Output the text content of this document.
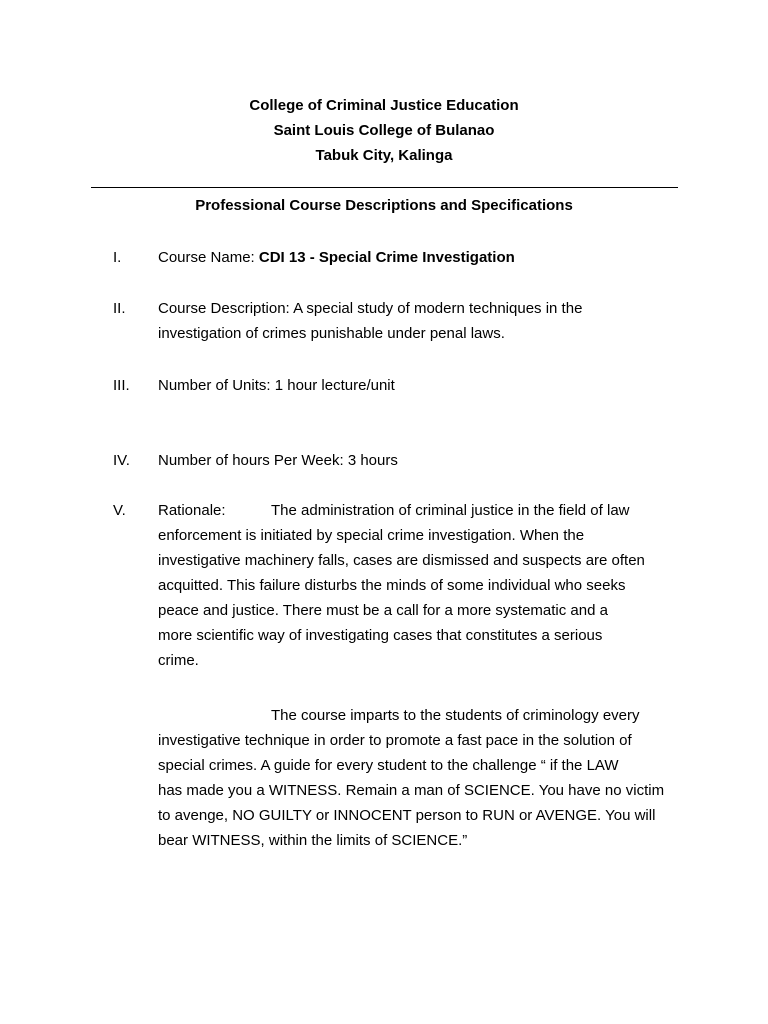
College of Criminal Justice Education
Saint Louis College of Bulanao
Tabuk City, Kalinga
Professional Course Descriptions and Specifications
I.	Course Name: CDI 13 - Special Crime Investigation
II.	Course Description: A special study of modern techniques in the
investigation of crimes punishable under penal laws.
III.	Number of Units: 1 hour lecture/unit
IV.	Number of hours Per Week: 3 hours
V.	Rationale:	The administration of criminal justice in the field of law
enforcement is initiated by special crime investigation. When the
investigative machinery falls, cases are dismissed and suspects are often
acquitted. This failure disturbs the minds of some individual who seeks
peace and justice. There must be a call for a more systematic and a
more scientific way of investigating cases that constitutes a serious
crime.
The course imparts to the students of criminology every
investigative technique in order to promote a fast pace in the solution of
special crimes. A guide for every student to the challenge “ if the LAW
has made you a WITNESS. Remain a man of SCIENCE. You have no victim
to avenge, NO GUILTY or INNOCENT person to RUN or AVENGE. You will
bear WITNESS, within the limits of SCIENCE.”
